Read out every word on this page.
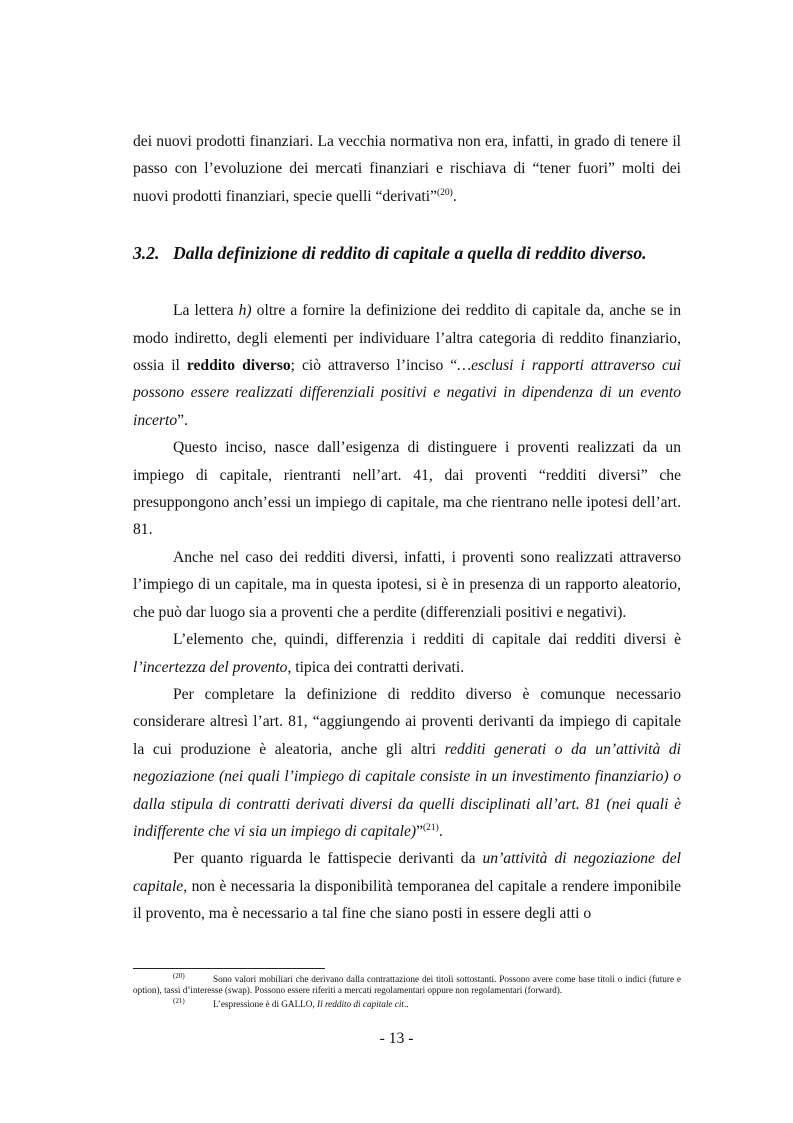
dei nuovi prodotti finanziari. La vecchia normativa non era, infatti, in grado di tenere il passo con l’evoluzione dei mercati finanziari e rischiava di “tener fuori” molti dei nuovi prodotti finanziari, specie quelli “derivati”$^{(20)}$.

3.2. Dalla definizione di reddito di capitale a quella di reddito diverso.

La lettera h) oltre a fornire la definizione dei reddito di capitale da, anche se in modo indiretto, degli elementi per individuare l’altra categoria di reddito finanziario, ossia il reddito diverso; ciò attraverso l’inciso “…esclusi i rapporti attraverso cui possono essere realizzati differenziali positivi e negativi in dipendenza di un evento incerto”.

Questo inciso, nasce dall’esigenza di distinguere i proventi realizzati da un impiego di capitale, rientranti nell’art. 41, dai proventi “redditi diversi” che presuppongono anch’essi un impiego di capitale, ma che rientrano nelle ipotesi dell’art. 81.

Anche nel caso dei redditi diversi, infatti, i proventi sono realizzati attraverso l’impiego di un capitale, ma in questa ipotesi, si è in presenza di un rapporto aleatorio, che può dar luogo sia a proventi che a perdite (differenziali positivi e negativi).

L’elemento che, quindi, differenzia i redditi di capitale dai redditi diversi è l’incertezza del provento, tipica dei contratti derivati.

Per completare la definizione di reddito diverso è comunque necessario considerare altresì l’art. 81, “aggiungendo ai proventi derivanti da impiego di capitale la cui produzione è aleatoria, anche gli altri redditi generati o da un’attività di negoziazione (nei quali l’impiego di capitale consiste in un investimento finanziario) o dalla stipula di contratti derivati diversi da quelli disciplinati all’art. 81 (nei quali è indifferente che vi sia un impiego di capitale)”$^{(21)}$.

Per quanto riguarda le fattispecie derivanti da un’attività di negoziazione del capitale, non è necessaria la disponibilità temporanea del capitale a rendere imponibile il provento, ma è necessario a tal fine che siano posti in essere degli atti o

(20)	Sono valori mobiliari che derivano dalla contrattazione dei titoli sottostanti. Possono avere come base titoli o indici (future e option), tassi d’interesse (swap). Possono essere riferiti a mercati regolamentari oppure non regolamentari (forward).
(21)	L’espressione è di GALLO, Il reddito di capitale cit..
- 13 -
